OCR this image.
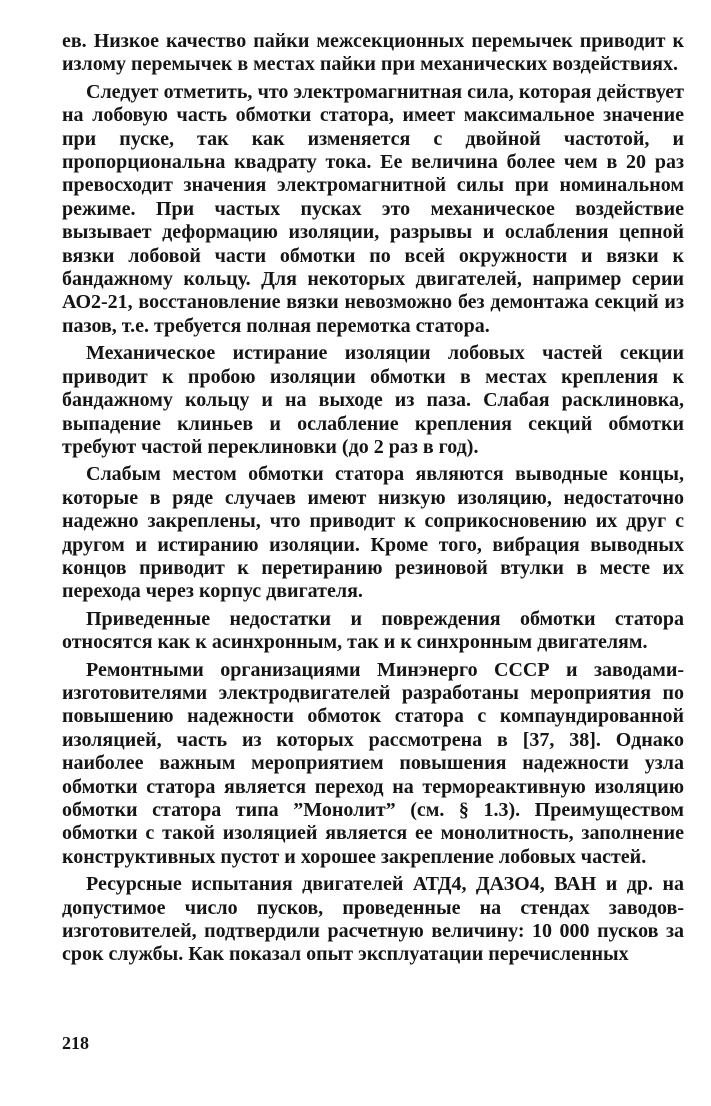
ев. Низкое качество пайки межсекционных перемычек приводит к излому перемычек в местах пайки при механических воздействиях.

Следует отметить, что электромагнитная сила, которая действует на лобовую часть обмотки статора, имеет максимальное значение при пуске, так как изменяется с двойной частотой, и пропорциональна квадрату тока. Ее величина более чем в 20 раз превосходит значения электромагнитной силы при номинальном режиме. При частых пусках это механическое воздействие вызывает деформацию изоляции, разрывы и ослабления цепной вязки лобовой части обмотки по всей окружности и вязки к бандажному кольцу. Для некоторых двигателей, например серии АО2-21, восстановление вязки невозможно без демонтажа секций из пазов, т.е. требуется полная перемотка статора.

Механическое истирание изоляции лобовых частей секции приводит к пробою изоляции обмотки в местах крепления к бандажному кольцу и на выходе из паза. Слабая расклиновка, выпадение клиньев и ослабление крепления секций обмотки требуют частой переклиновки (до 2 раз в год).

Слабым местом обмотки статора являются выводные концы, которые в ряде случаев имеют низкую изоляцию, недостаточно надежно закреплены, что приводит к соприкосновению их друг с другом и истиранию изоляции. Кроме того, вибрация выводных концов приводит к перетиранию резиновой втулки в месте их перехода через корпус двигателя.

Приведенные недостатки и повреждения обмотки статора относятся как к асинхронным, так и к синхронным двигателям.

Ремонтными организациями Минэнерго СССР и заводами-изготовителями электродвигателей разработаны мероприятия по повышению надежности обмоток статора с компаундированной изоляцией, часть из которых рассмотрена в [37, 38]. Однако наиболее важным мероприятием повышения надежности узла обмотки статора является переход на термореактивную изоляцию обмотки статора типа ”Монолит” (см. § 1.3). Преимуществом обмотки с такой изоляцией является ее монолитность, заполнение конструктивных пустот и хорошее закрепление лобовых частей.

Ресурсные испытания двигателей АТД4, ДАЗО4, ВАН и др. на допустимое число пусков, проведенные на стендах заводов-изготовителей, подтвердили расчетную величину: 10 000 пусков за срок службы. Как показал опыт эксплуатации перечисленных

218
